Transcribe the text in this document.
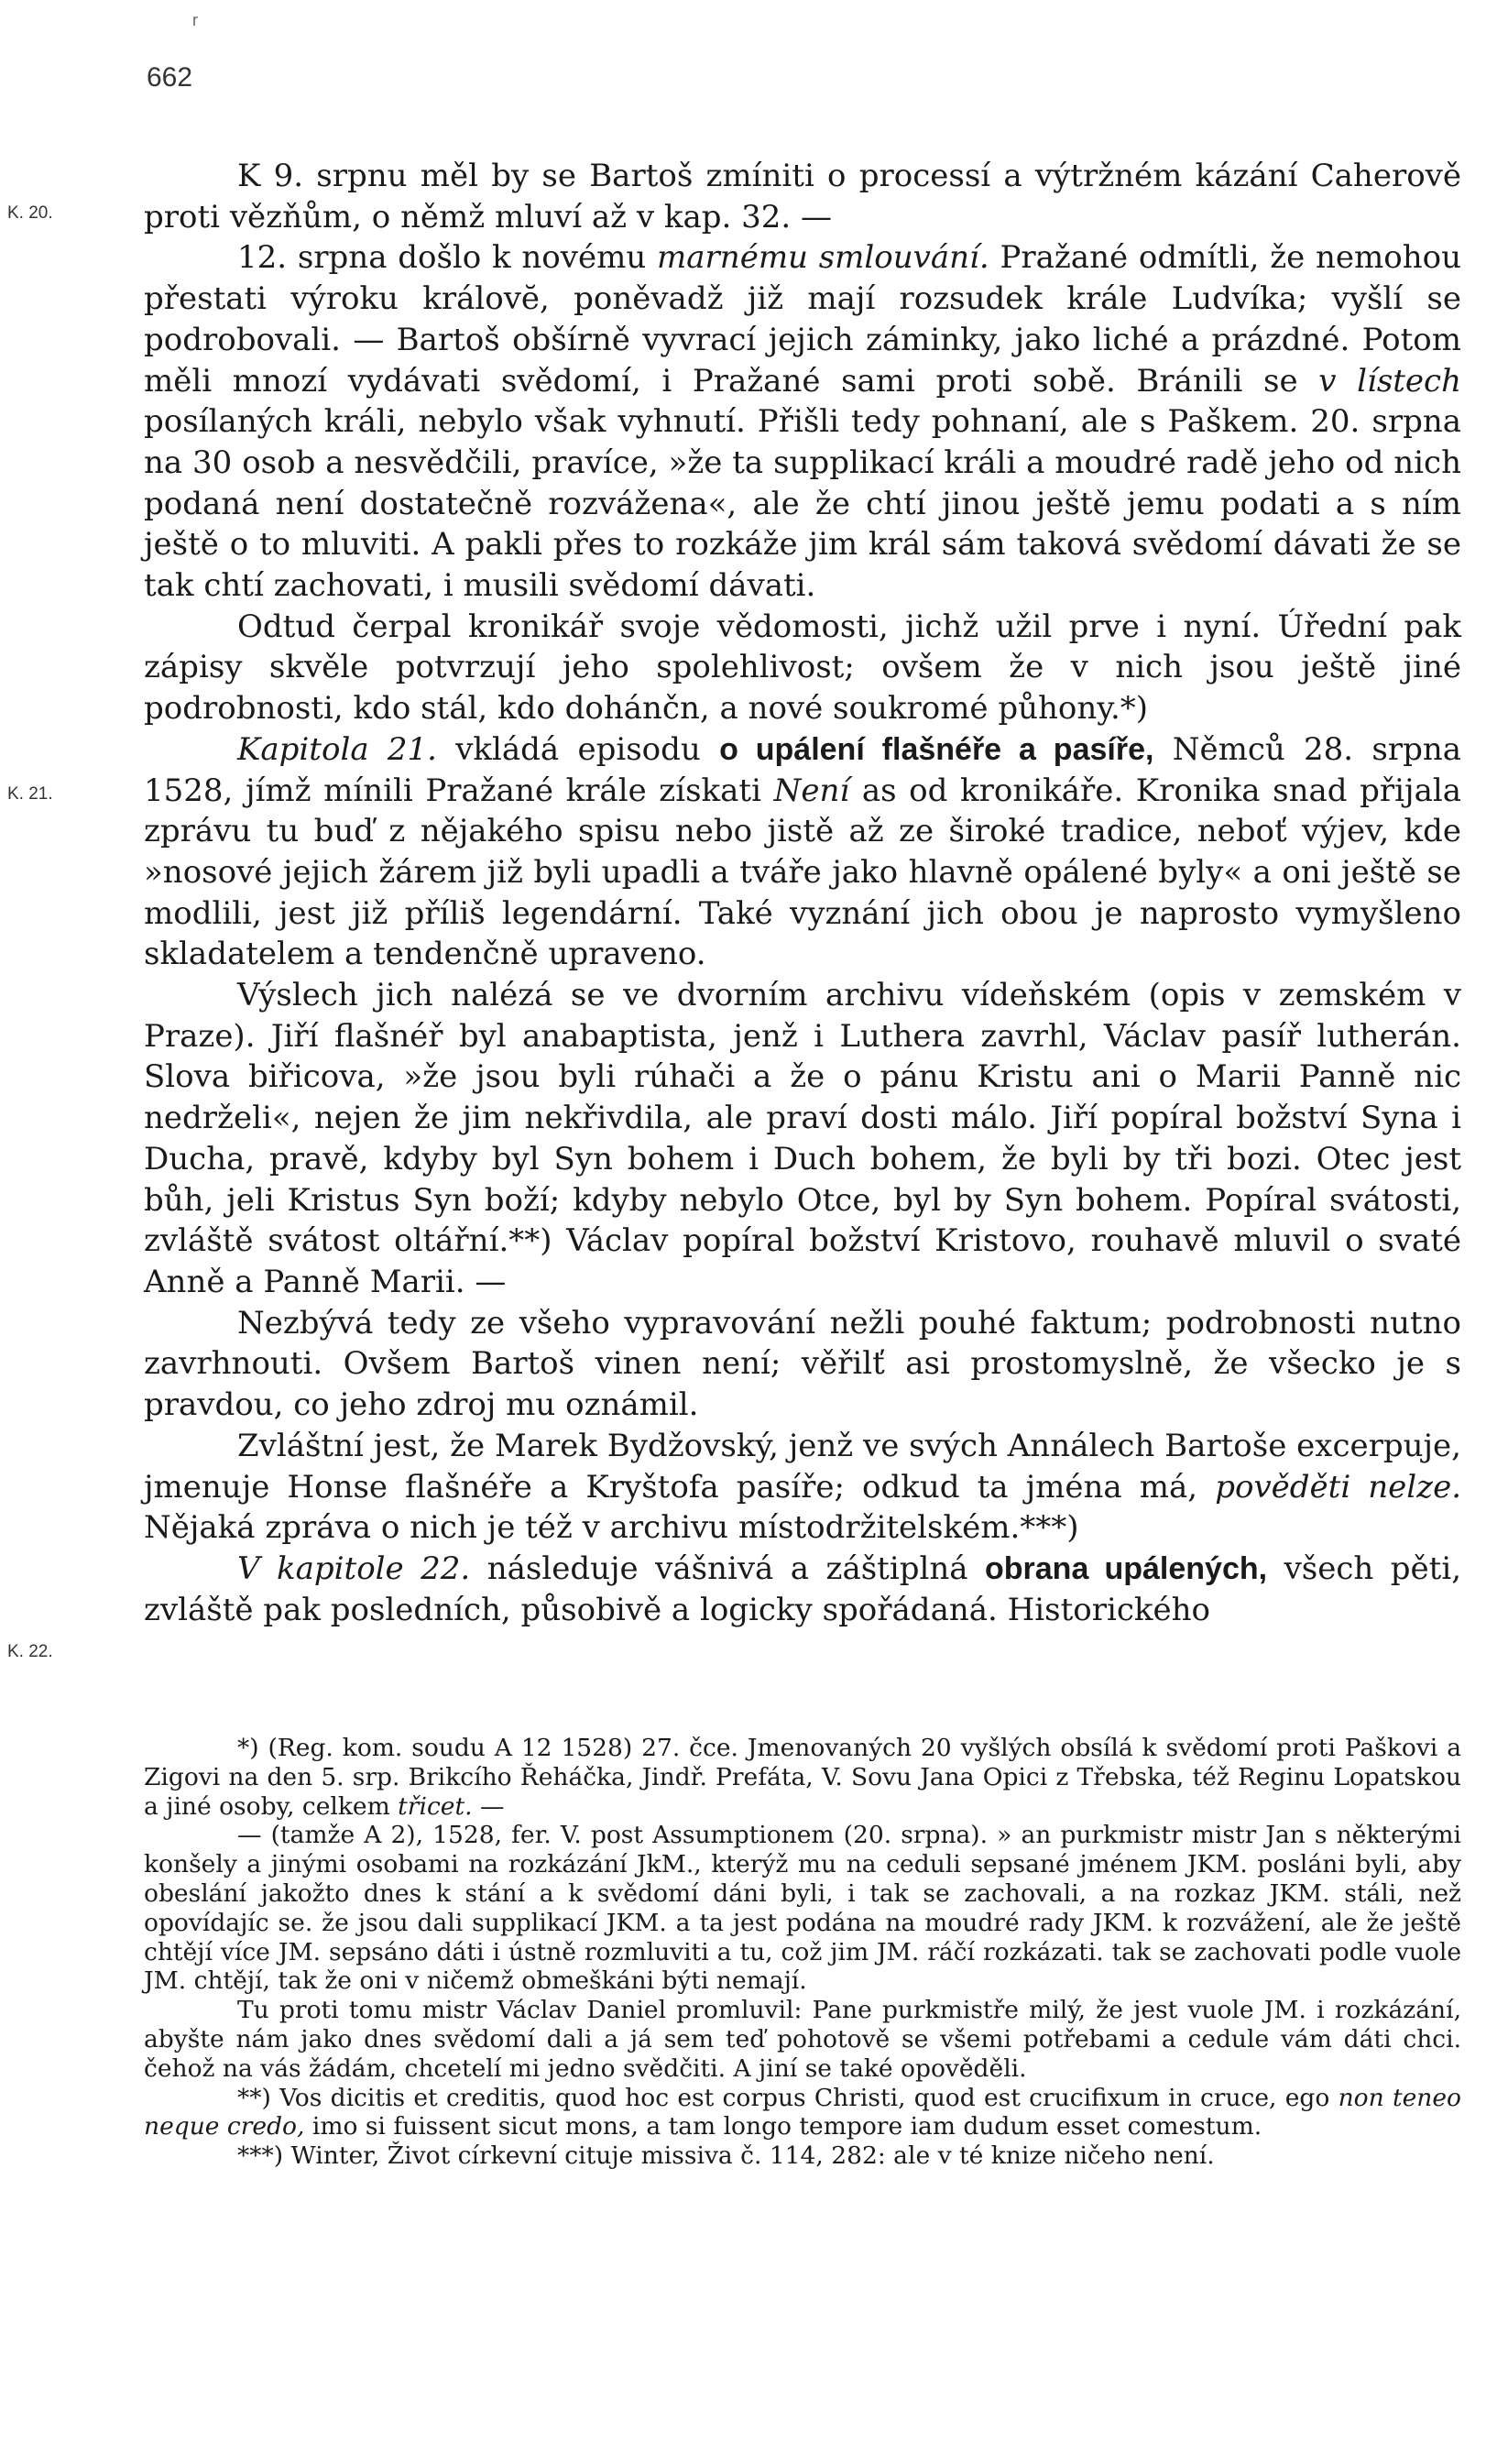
r
662
K. 20.
K. 21.
K. 22.

K 9. srpnu měl by se Bartoš zmíniti o processí a výtržném kázání Caherově proti vězňům, o němž mluví až v kap. 32. —

12. srpna došlo k novému marnému smlouvání. Pražané odmítli, že nemohou přestati výroku královĕ, poněvadž již mají rozsudek krále Ludvíka; vyšlí se podrobovali. — Bartoš obšírně vyvrací jejich záminky, jako liché a prázdné. Potom měli mnozí vydávati svědomí, i Pražané sami proti sobě. Bránili se v lístech posílaných králi, nebylo však vyhnutí. Přišli tedy pohnaní, ale s Paškem. 20. srpna na 30 osob a nesvědčili, pravíce, »že ta supplikací králi a moudré radě jeho od nich podaná není dostatečně rozvážena«, ale že chtí jinou ještě jemu podati a s ním ještě o to mluviti. A pakli přes to rozkáže jim král sám taková svědomí dávati že se tak chtí zachovati, i musili svědomí dávati.

Odtud čerpal kronikář svoje vědomosti, jichž užil prve i nyní. Úřední pak zápisy skvěle potvrzují jeho spolehlivost; ovšem že v nich jsou ještě jiné podrobnosti, kdo stál, kdo dohánčn, a nové soukromé půhony.*)

Kapitola 21. vkládá episodu o upálení flašnéře a pasíře, Němců 28. srpna 1528, jímž mínili Pražané krále získati Není as od kronikáře. Kronika snad přijala zprávu tu buď z nějakého spisu nebo jistě až ze široké tradice, neboť výjev, kde »nosové jejich žárem již byli upadli a tváře jako hlavně opálené byly« a oni ještě se modlili, jest již příliš legendární. Také vyznání jich obou je naprosto vymyšleno skladatelem a tendenčně upraveno.

Výslech jich nalézá se ve dvorním archivu vídeňském (opis v zemském v Praze). Jiří flašnéř byl anabaptista, jenž i Luthera zavrhl, Václav pasíř lutherán. Slova biřicova, »že jsou byli rúhači a že o pánu Kristu ani o Marii Panně nic nedrželi«, nejen že jim nekřivdila, ale praví dosti málo. Jiří popíral božství Syna i Ducha, pravě, kdyby byl Syn bohem i Duch bohem, že byli by tři bozi. Otec jest bůh, jeli Kristus Syn boží; kdyby nebylo Otce, byl by Syn bohem. Popíral svátosti, zvláště svátost oltářní.**) Václav popíral božství Kristovo, rouhavě mluvil o svaté Anně a Panně Marii. —

Nezbývá tedy ze všeho vypravování nežli pouhé faktum; podrobnosti nutno zavrhnouti. Ovšem Bartoš vinen není; věřilť asi prostomyslně, že všecko je s pravdou, co jeho zdroj mu oznámil.

Zvláštní jest, že Marek Bydžovský, jenž ve svých Annálech Bartoše excerpuje, jmenuje Honse flašnéře a Kryštofa pasíře; odkud ta jména má, pověděti nelze. Nějaká zpráva o nich je též v archivu místodržitelském.***)

V kapitole 22. následuje vášnivá a záštiplná obrana upálených, všech pěti, zvláště pak posledních, působivě a logicky spořádaná. Historického

*) (Reg. kom. soudu A 12 1528) 27. čce. Jmenovaných 20 vyšlých obsílá k svědomí proti Paškovi a Zigovi na den 5. srp. Brikcího Řeháčka, Jindř. Prefáta, V. Sovu Jana Opici z Třebska, též Reginu Lopatskou a jiné osoby, celkem třicet. —

— (tamže A 2), 1528, fer. V. post Assumptionem (20. srpna). » an purkmistr mistr Jan s některými konšely a jinými osobami na rozkázání JkM., kterýž mu na ceduli sepsané jménem JKM. posláni byli, aby obeslání jakožto dnes k stání a k svědomí dáni byli, i tak se zachovali, a na rozkaz JKM. stáli, než opovídajíc se. že jsou dali supplikací JKM. a ta jest podána na moudré rady JKM. k rozvážení, ale že ještě chtějí více JM. sepsáno dáti i ústně rozmluviti a tu, což jim JM. ráčí rozkázati. tak se zachovati podle vuole JM. chtějí, tak že oni v ničemž obmeškáni býti nemají.

Tu proti tomu mistr Václav Daniel promluvil: Pane purkmistře milý, že jest vuole JM. i rozkázání, abyšte nám jako dnes svědomí dali a já sem teď pohotově se všemi potřebami a cedule vám dáti chci. čehož na vás žádám, chcetelí mi jedno svědčiti. A jiní se také opověděli.

**) Vos dicitis et creditis, quod hoc est corpus Christi, quod est crucifixum in cruce, ego non teneo neque credo, imo si fuissent sicut mons, a tam longo tempore iam dudum esset comestum.

***) Winter, Život církevní cituje missiva č. 114, 282: ale v té knize ničeho není.
